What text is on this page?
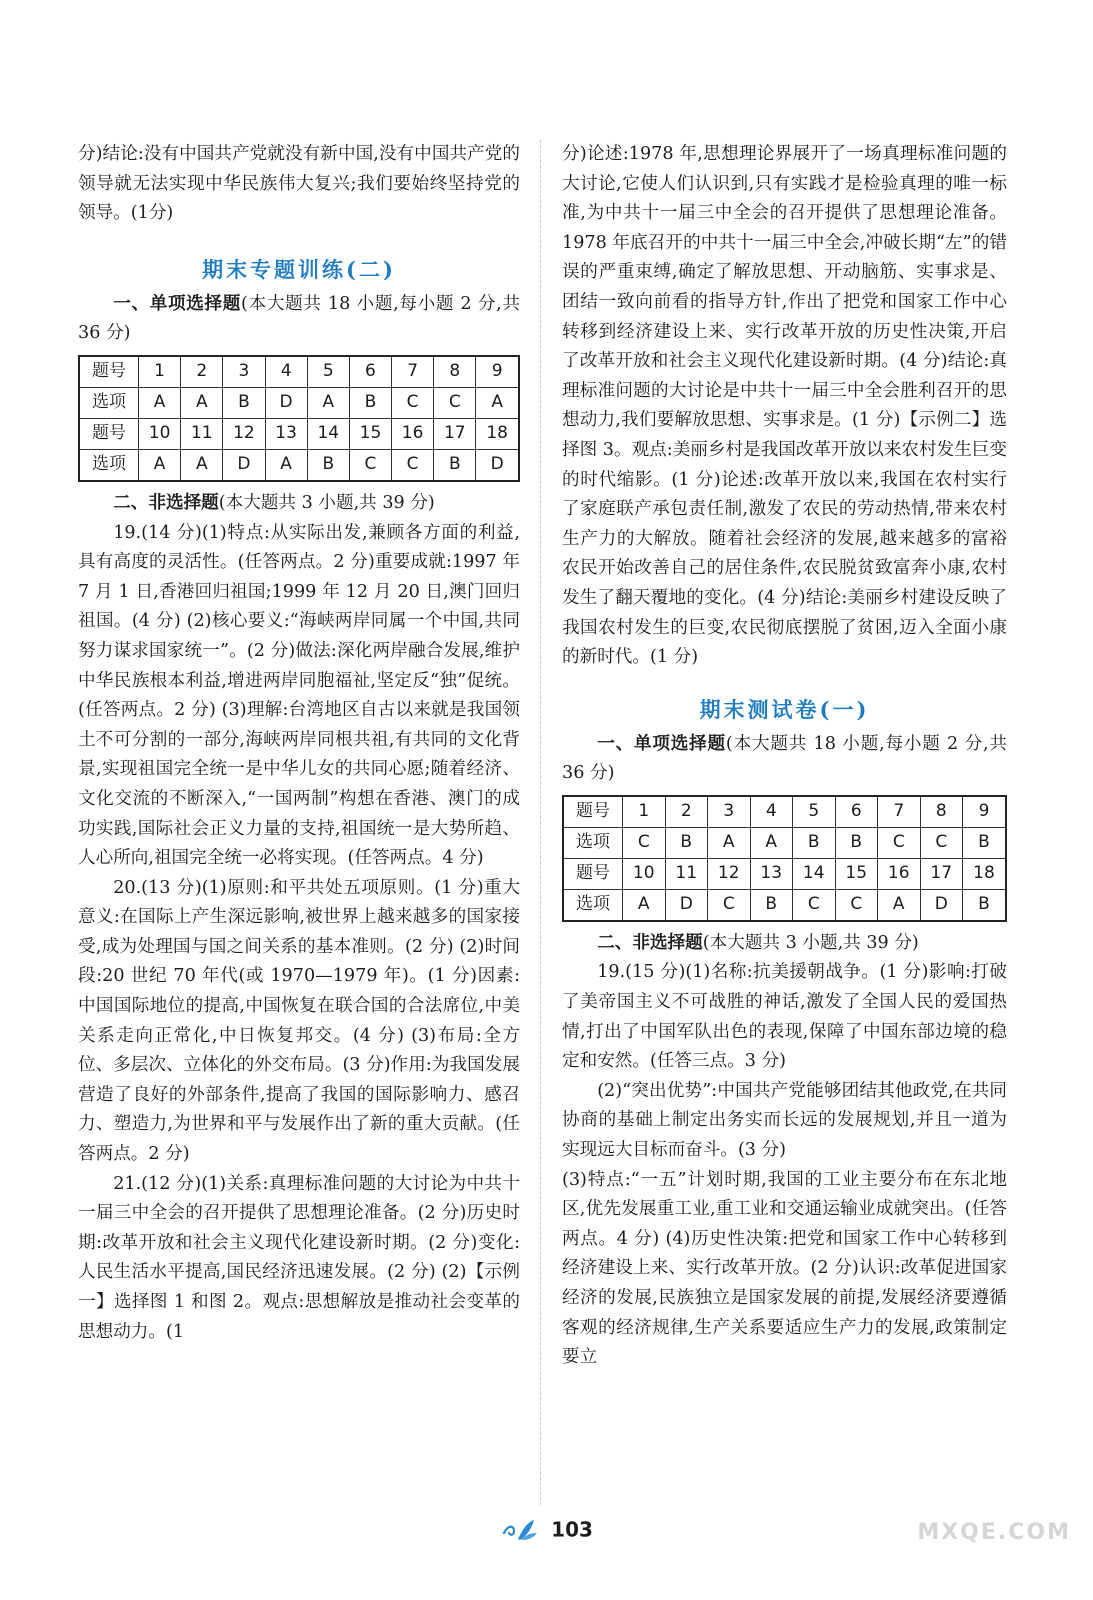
分)结论:没有中国共产党就没有新中国,没有中国共产党的领导就无法实现中华民族伟大复兴;我们要始终坚持党的领导。(1分)

期末专题训练(二)

一、单项选择题(本大题共 18 小题,每小题 2 分,共 36 分)

题号	1	2	3	4	5	6	7	8	9
选项	A	A	B	D	A	B	C	C	A
题号	10	11	12	13	14	15	16	17	18
选项	A	A	D	A	B	C	C	B	D

二、非选择题(本大题共 3 小题,共 39 分)

19.(14 分)(1)特点:从实际出发,兼顾各方面的利益,具有高度的灵活性。(任答两点。2 分)重要成就:1997 年 7 月 1 日,香港回归祖国;1999 年 12 月 20 日,澳门回归祖国。(4 分) (2)核心要义:“海峡两岸同属一个中国,共同努力谋求国家统一”。(2 分)做法:深化两岸融合发展,维护中华民族根本利益,增进两岸同胞福祉,坚定反“独”促统。(任答两点。2 分) (3)理解:台湾地区自古以来就是我国领土不可分割的一部分,海峡两岸同根共祖,有共同的文化背景,实现祖国完全统一是中华儿女的共同心愿;随着经济、文化交流的不断深入,“一国两制”构想在香港、澳门的成功实践,国际社会正义力量的支持,祖国统一是大势所趋、人心所向,祖国完全统一必将实现。(任答两点。4 分)

20.(13 分)(1)原则:和平共处五项原则。(1 分)重大意义:在国际上产生深远影响,被世界上越来越多的国家接受,成为处理国与国之间关系的基本准则。(2 分) (2)时间段:20 世纪 70 年代(或 1970—1979 年)。(1 分)因素:中国国际地位的提高,中国恢复在联合国的合法席位,中美关系走向正常化,中日恢复邦交。(4 分) (3)布局:全方位、多层次、立体化的外交布局。(3 分)作用:为我国发展营造了良好的外部条件,提高了我国的国际影响力、感召力、塑造力,为世界和平与发展作出了新的重大贡献。(任答两点。2 分)

21.(12 分)(1)关系:真理标准问题的大讨论为中共十一届三中全会的召开提供了思想理论准备。(2 分)历史时期:改革开放和社会主义现代化建设新时期。(2 分)变化:人民生活水平提高,国民经济迅速发展。(2 分) (2)【示例一】选择图 1 和图 2。观点:思想解放是推动社会变革的思想动力。(1

分)论述:1978 年,思想理论界展开了一场真理标准问题的大讨论,它使人们认识到,只有实践才是检验真理的唯一标准,为中共十一届三中全会的召开提供了思想理论准备。1978 年底召开的中共十一届三中全会,冲破长期“左”的错误的严重束缚,确定了解放思想、开动脑筋、实事求是、团结一致向前看的指导方针,作出了把党和国家工作中心转移到经济建设上来、实行改革开放的历史性决策,开启了改革开放和社会主义现代化建设新时期。(4 分)结论:真理标准问题的大讨论是中共十一届三中全会胜利召开的思想动力,我们要解放思想、实事求是。(1 分)【示例二】选择图 3。观点:美丽乡村是我国改革开放以来农村发生巨变的时代缩影。(1 分)论述:改革开放以来,我国在农村实行了家庭联产承包责任制,激发了农民的劳动热情,带来农村生产力的大解放。随着社会经济的发展,越来越多的富裕农民开始改善自己的居住条件,农民脱贫致富奔小康,农村发生了翻天覆地的变化。(4 分)结论:美丽乡村建设反映了我国农村发生的巨变,农民彻底摆脱了贫困,迈入全面小康的新时代。(1 分)

期末测试卷(一)

一、单项选择题(本大题共 18 小题,每小题 2 分,共 36 分)

题号	1	2	3	4	5	6	7	8	9
选项	C	B	A	A	B	B	C	C	B
题号	10	11	12	13	14	15	16	17	18
选项	A	D	C	B	C	C	A	D	B

二、非选择题(本大题共 3 小题,共 39 分)

19.(15 分)(1)名称:抗美援朝战争。(1 分)影响:打破了美帝国主义不可战胜的神话,激发了全国人民的爱国热情,打出了中国军队出色的表现,保障了中国东部边境的稳定和安然。(任答三点。3 分)

(2)“突出优势”:中国共产党能够团结其他政党,在共同协商的基础上制定出务实而长远的发展规划,并且一道为实现远大目标而奋斗。(3 分)

(3)特点:“一五”计划时期,我国的工业主要分布在东北地区,优先发展重工业,重工业和交通运输业成就突出。(任答两点。4 分) (4)历史性决策:把党和国家工作中心转移到经济建设上来、实行改革开放。(2 分)认识:改革促进国家经济的发展,民族独立是国家发展的前提,发展经济要遵循客观的经济规律,生产关系要适应生产力的发展,政策制定要立

103	MXQE.COM
